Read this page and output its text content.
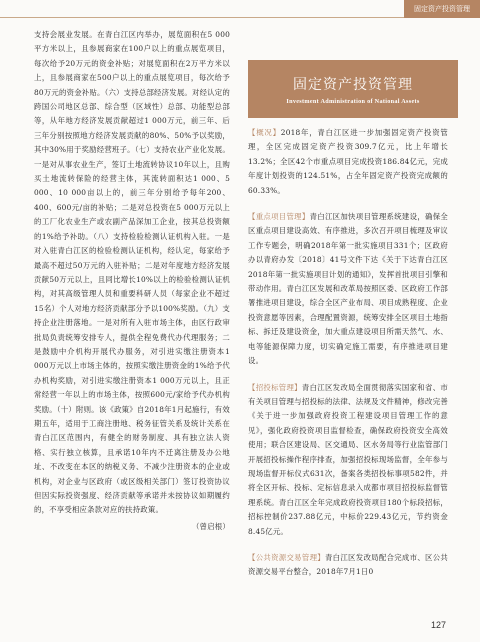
固定资产投资管理

支持会展业发展。在青白江区内举办，展览面积在5 000平方米以上，且参展商家在100户以上的重点展览项目，每次给予20万元的资金补贴；对展览面积在2万平方米以上，且参展商家在500户以上的重点展览项目，每次给予80万元的资金补贴。（六）支持总部经济发展。对经认定的跨国公司地区总部、综合型（区域性）总部、功能型总部等，从年地方经济发展贡献超过1 000万元，前三年、后三年分别按照地方经济发展贡献的80%、50%予以奖励，其中30%用于奖励经营班子。（七）支持农业产业化发展。一是对从事农业生产，签订土地流转协议10年以上，且购买土地流转保险的经营主体，其流转面积达1 000、5 000、10 000亩以上的，前三年分别给予每年200、400、600元/亩的补贴；二是对总投资在5 000万元以上的工厂化农业生产或农副产品深加工企业，按其总投资额的1%给予补助。（八）支持检验检测认证机构入驻。一是对入驻青白江区的检验检测认证机构，经认定，每家给予最高不超过50万元的入驻补贴；二是对年度地方经济发展贡献50万元以上，且同比增长10%以上的检验检测认证机构，对其高级管理人员和重要科研人员（每家企业不超过15名）个人对地方经济贡献部分予以100%奖励。（九）支持企业注册落地。一是对所有入驻市场主体，由区行政审批局负责统筹安排专人，提供全程免费代办代理服务；二是鼓励中介机构开展代办服务，对引进实缴注册资本1 000万元以上市场主体的，按照实缴注册资金的1%给予代办机构奖励，对引进实缴注册资本1 000万元以上，且正常经营一年以上的市场主体，按照600元/家给予代办机构奖励。（十）附则。该《政策》自2018年1月起施行，有效期五年，适用于工商注册地、税务征管关系及统计关系在青白江区范围内，有健全的财务制度、具有独立法人资格、实行独立核算，且承诺10年内不迁离注册及办公地址、不改变在本区的纳税义务、不减少注册资本的企业或机构，对企业与区政府（或区级相关部门）签订投资协议但因实际投资强度、经济贡献等承诺并未按协议如期履约的，不享受相应条款对应的扶持政策。

（曾启根）

固定资产投资管理
Investment Administration of National Assets

【概况】2018年，青白江区进一步加强固定资产投资管理，全区完成固定资产投资309.7亿元，比上年增长13.2%；全区42个市重点项目完成投资186.84亿元，完成年度计划投资的124.51%，占全年固定资产投资完成额的60.33%。

【重点项目管理】青白江区加快项目管理系统建设，确保全区重点项目建设高效、有序推进，多次召开项目梳理及审议工作专题会，明确2018年第一批实施项目331个；区政府办以青府办发〔2018〕41号文件下达《关于下达青白江区2018年第一批实施项目计划的通知》，发挥首批项目引擎和带动作用。青白江区发展和改革局按照区委、区政府工作部署推进项目建设，综合全区产业布局、项目成熟程度、企业投资意愿等因素，合理配置资源，统筹安排全区项目土地指标、拆迁及建设资金，加大重点建设项目所需天然气、水、电等能源保障力度，切实确定施工需要，有序推进项目建设。

【招投标管理】青白江区发改局全面贯彻落实国家和省、市有关项目管理与招投标的法律、法规及文件精神，修改完善《关于进一步加强政府投资工程建设项目管理工作的意见》，强化政府投资项目监督检查，确保政府投资安全高效使用；联合区建设局、区交通局、区水务局等行业监管部门开展招投标操作程序排查，加强招投标现场监督，全年参与现场监督开标仪式631次，备案各类招投标事项582件，并将全区开标、投标、定标信息录入成都市项目招投标监督管理系统。青白江区全年完成政府投资项目180个标段招标，招标控制价237.88亿元，中标价229.43亿元，节约资金8.45亿元。

【公共资源交易管理】青白江区发改局配合完成市、区公共资源交易平台整合，2018年7月1日0

127
